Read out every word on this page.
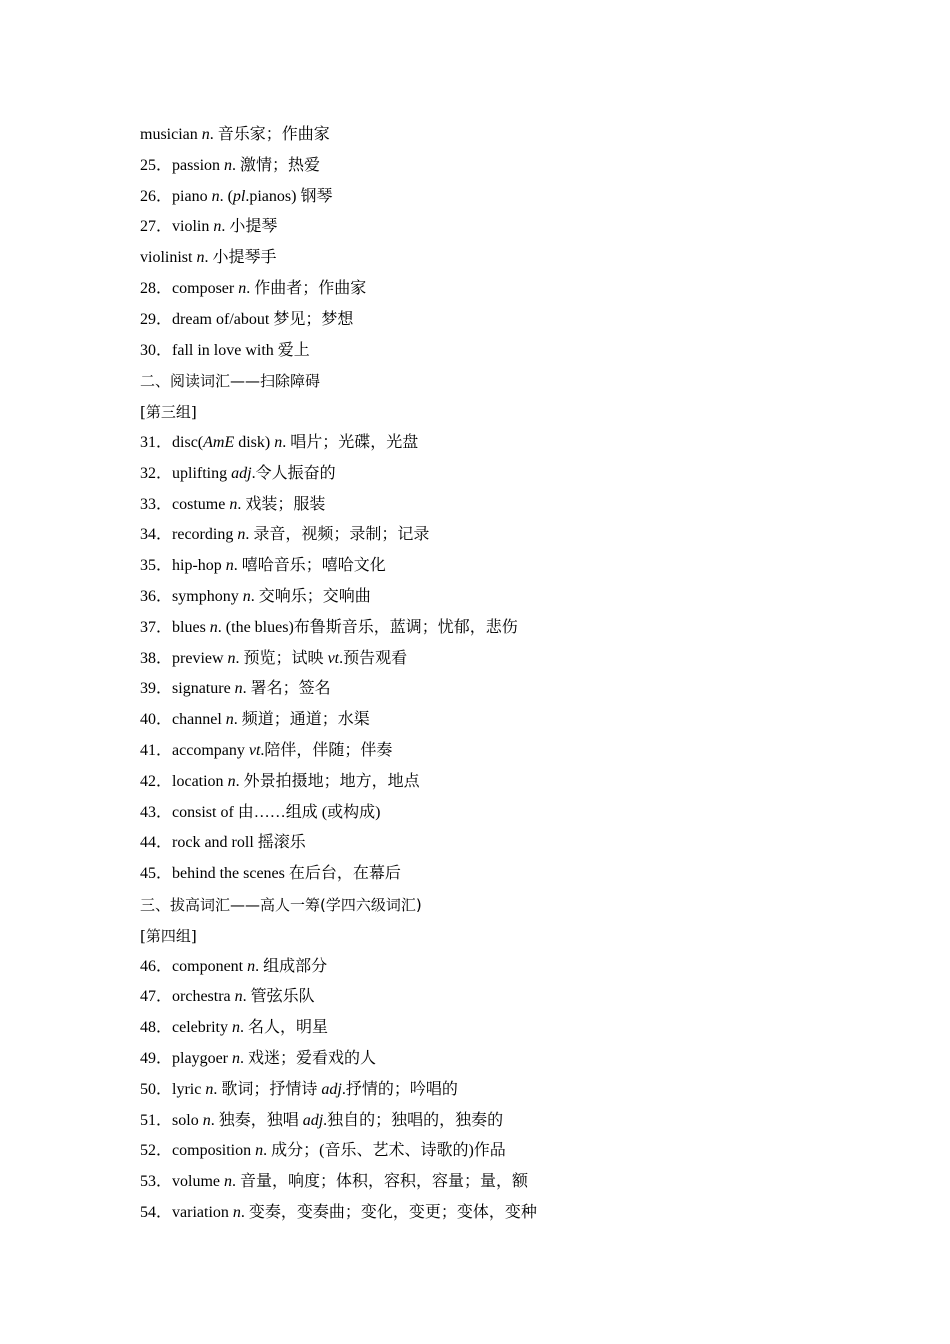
musician n. 音乐家；作曲家
25．passion n. 激情；热爱
26．piano n. (pl.pianos) 钢琴
27．violin n. 小提琴
violinist n. 小提琴手
28．composer n. 作曲者；作曲家
29．dream of/about 梦见；梦想
30．fall in love with 爱上
二、阅读词汇——扫除障碍
[第三组]
31．disc(AmE disk) n. 唱片；光碟，光盘
32．uplifting adj.令人振奋的
33．costume n. 戏装；服装
34．recording n. 录音，视频；录制；记录
35．hip-hop n. 嘻哈音乐；嘻哈文化
36．symphony n. 交响乐；交响曲
37．blues n. (the blues)布鲁斯音乐，蓝调；忧郁，悲伤
38．preview n. 预览；试映 vt.预告观看
39．signature n. 署名；签名
40．channel n. 频道；通道；水渠
41．accompany vt.陪伴，伴随；伴奏
42．location n. 外景拍摄地；地方，地点
43．consist of 由……组成 (或构成)
44．rock and roll 摇滚乐
45．behind the scenes 在后台，在幕后
三、拔高词汇——高人一筹(学四六级词汇)
[第四组]
46．component n. 组成部分
47．orchestra n. 管弦乐队
48．celebrity n. 名人，明星
49．playgoer n. 戏迷；爱看戏的人
50．lyric n. 歌词；抒情诗 adj.抒情的；吟唱的
51．solo n. 独奏，独唱 adj.独自的；独唱的，独奏的
52．composition n. 成分；(音乐、艺术、诗歌的)作品
53．volume n. 音量，响度；体积，容积，容量；量，额
54．variation n. 变奏，变奏曲；变化，变更；变体，变种
